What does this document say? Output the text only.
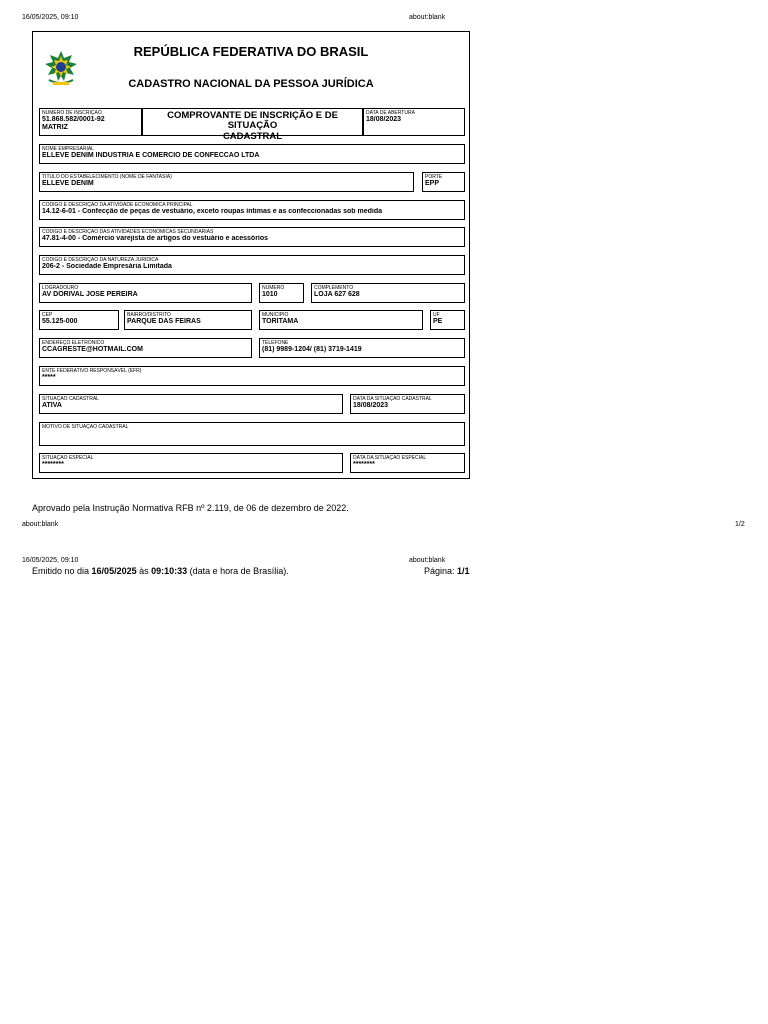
16/05/2025, 09:10	about:blank
REPÚBLICA FEDERATIVA DO BRASIL
CADASTRO NACIONAL DA PESSOA JURÍDICA
NÚMERO DE INSCRIÇÃO
51.868.582/0001-92
MATRIZ
COMPROVANTE DE INSCRIÇÃO E DE SITUAÇÃO
CADASTRAL
DATA DE ABERTURA
18/08/2023
NOME EMPRESARIAL
ELLEVE DENIM INDUSTRIA E COMERCIO DE CONFECCAO LTDA
TÍTULO DO ESTABELECIMENTO (NOME DE FANTASIA)
ELLEVE DENIM
PORTE
EPP
CÓDIGO E DESCRIÇÃO DA ATIVIDADE ECONÔMICA PRINCIPAL
14.12-6-01 - Confecção de peças de vestuário, exceto roupas íntimas e as confeccionadas sob medida
CÓDIGO E DESCRIÇÃO DAS ATIVIDADES ECONÔMICAS SECUNDÁRIAS
47.81-4-00 - Comércio varejista de artigos do vestuário e acessórios
CÓDIGO E DESCRIÇÃO DA NATUREZA JURÍDICA
206-2 - Sociedade Empresária Limitada
LOGRADOURO
AV DORIVAL JOSE PEREIRA
NÚMERO
1010
COMPLEMENTO
LOJA 627 628
CEP
55.125-000
BAIRRO/DISTRITO
PARQUE DAS FEIRAS
MUNICÍPIO
TORITAMA
UF
PE
ENDEREÇO ELETRÔNICO
CCAGRESTE@HOTMAIL.COM
TELEFONE
(81) 9989-1204/ (81) 3719-1419
ENTE FEDERATIVO RESPONSÁVEL (EFR)
*****
SITUAÇÃO CADASTRAL
ATIVA
DATA DA SITUAÇÃO CADASTRAL
18/08/2023
MOTIVO DE SITUAÇÃO CADASTRAL
SITUAÇÃO ESPECIAL
********
DATA DA SITUAÇÃO ESPECIAL
********
Aprovado pela Instrução Normativa RFB nº 2.119, de 06 de dezembro de 2022.
about:blank	1/2
16/05/2025, 09:10	about:blank
Emitido no dia 16/05/2025 às 09:10:33 (data e hora de Brasília).	Página: 1/1
